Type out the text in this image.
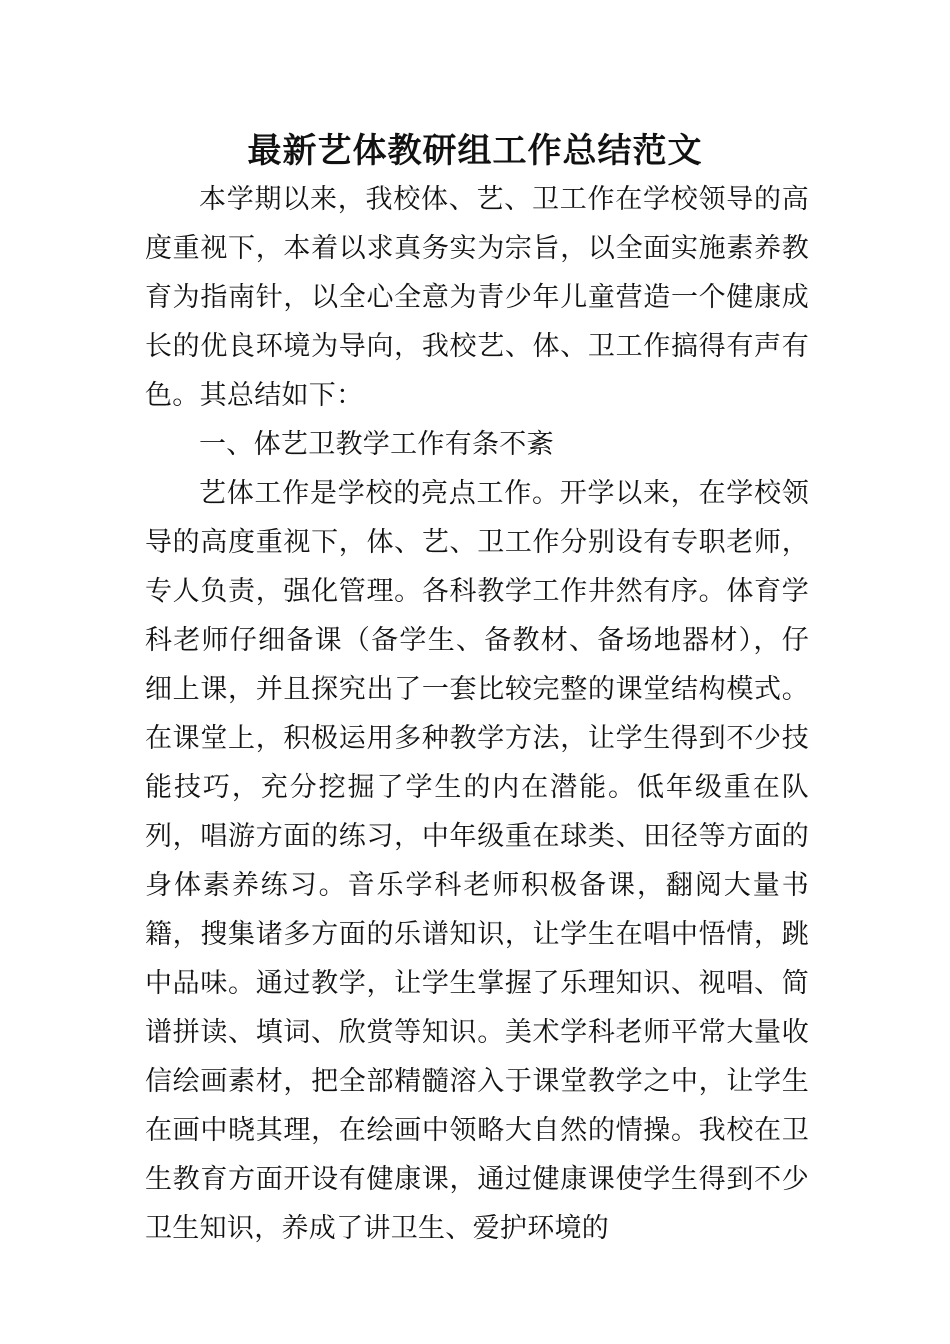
最新艺体教研组工作总结范文

本学期以来，我校体、艺、卫工作在学校领导的高度重视下，本着以求真务实为宗旨，以全面实施素养教育为指南针，以全心全意为青少年儿童营造一个健康成长的优良环境为导向，我校艺、体、卫工作搞得有声有色。其总结如下：

一、体艺卫教学工作有条不紊

艺体工作是学校的亮点工作。开学以来，在学校领导的高度重视下，体、艺、卫工作分别设有专职老师，专人负责，强化管理。各科教学工作井然有序。体育学科老师仔细备课（备学生、备教材、备场地器材），仔细上课，并且探究出了一套比较完整的课堂结构模式。在课堂上，积极运用多种教学方法，让学生得到不少技能技巧，充分挖掘了学生的内在潜能。低年级重在队列，唱游方面的练习，中年级重在球类、田径等方面的身体素养练习。音乐学科老师积极备课，翻阅大量书籍，搜集诸多方面的乐谱知识，让学生在唱中悟情，跳中品味。通过教学，让学生掌握了乐理知识、视唱、简谱拼读、填词、欣赏等知识。美术学科老师平常大量收信绘画素材，把全部精髓溶入于课堂教学之中，让学生在画中晓其理，在绘画中领略大自然的情操。我校在卫生教育方面开设有健康课，通过健康课使学生得到不少卫生知识，养成了讲卫生、爱护环境的
